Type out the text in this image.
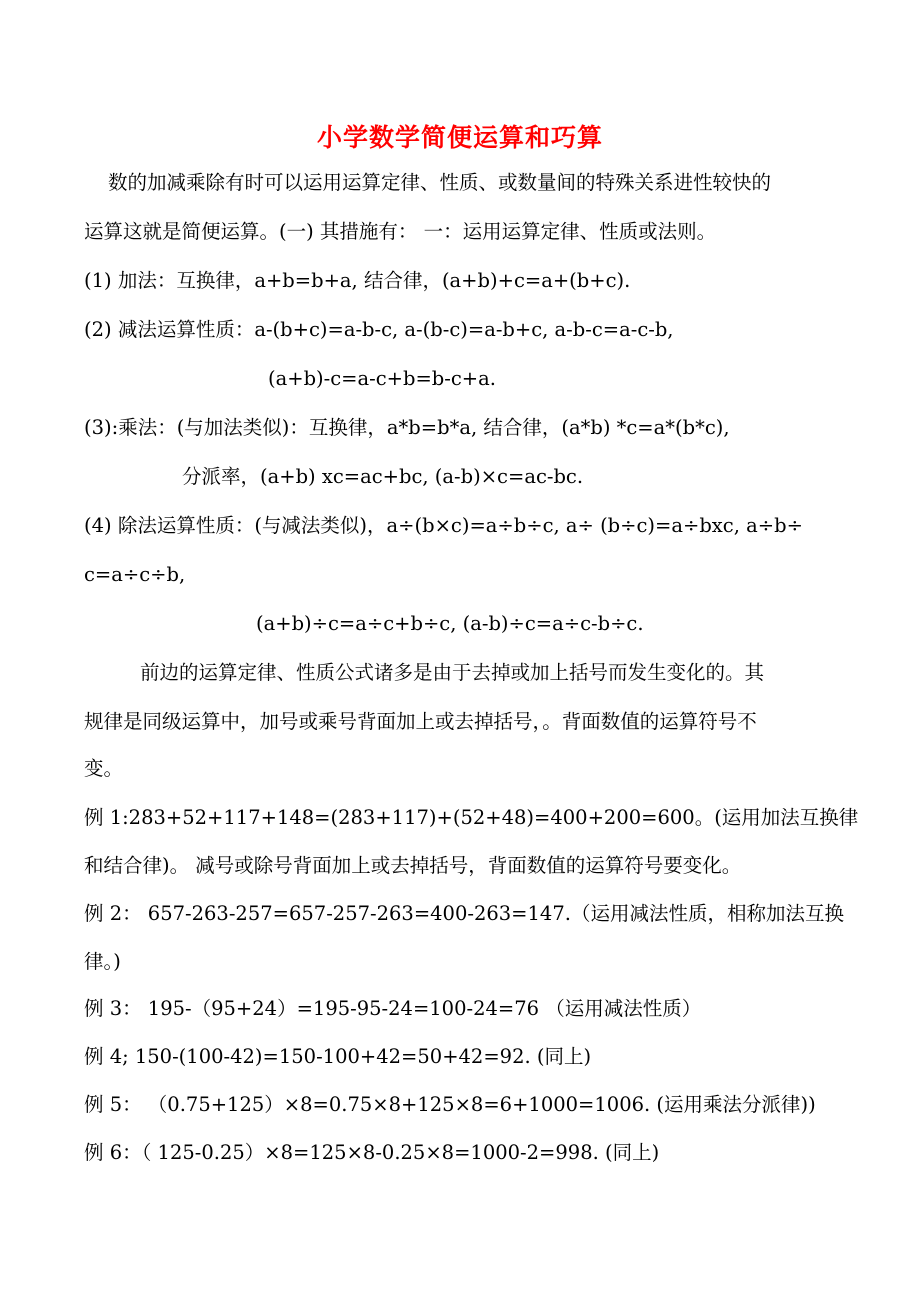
小学数学简便运算和巧算
数的加减乘除有时可以运用运算定律、性质、或数量间的特殊关系进性较快的
运算这就是简便运算。(一) 其措施有： 一：运用运算定律、性质或法则。
(1) 加法：互换律，a+b=b+a, 结合律，(a+b)+c=a+(b+c).
(2) 减法运算性质：a-(b+c)=a-b-c, a-(b-c)=a-b+c, a-b-c=a-c-b,
(a+b)-c=a-c+b=b-c+a.
(3):乘法：(与加法类似)：互换律，a*b=b*a, 结合律，(a*b) *c=a*(b*c),
分派率，(a+b) xc=ac+bc, (a-b)×c=ac-bc.
(4) 除法运算性质：(与减法类似)，a÷(b×c)=a÷b÷c, a÷ (b÷c)=a÷bxc, a÷b÷
c=a÷c÷b,
(a+b)÷c=a÷c+b÷c, (a-b)÷c=a÷c-b÷c.
前边的运算定律、性质公式诸多是由于去掉或加上括号而发生变化的。其
规律是同级运算中，加号或乘号背面加上或去掉括号，。背面数值的运算符号不
变。
例 1:283+52+117+148=(283+117)+(52+48)=400+200=600。(运用加法互换律
和结合律)。 减号或除号背面加上或去掉括号，背面数值的运算符号要变化。
例 2： 657-263-257=657-257-263=400-263=147.（运用减法性质，相称加法互换
律。)
例 3： 195-（95+24）=195-95-24=100-24=76 （运用减法性质）
例 4; 150-(100-42)=150-100+42=50+42=92. (同上)
例 5： （0.75+125）×8=0.75×8+125×8=6+1000=1006. (运用乘法分派律))
例 6：（ 125-0.25）×8=125×8-0.25×8=1000-2=998. (同上)
